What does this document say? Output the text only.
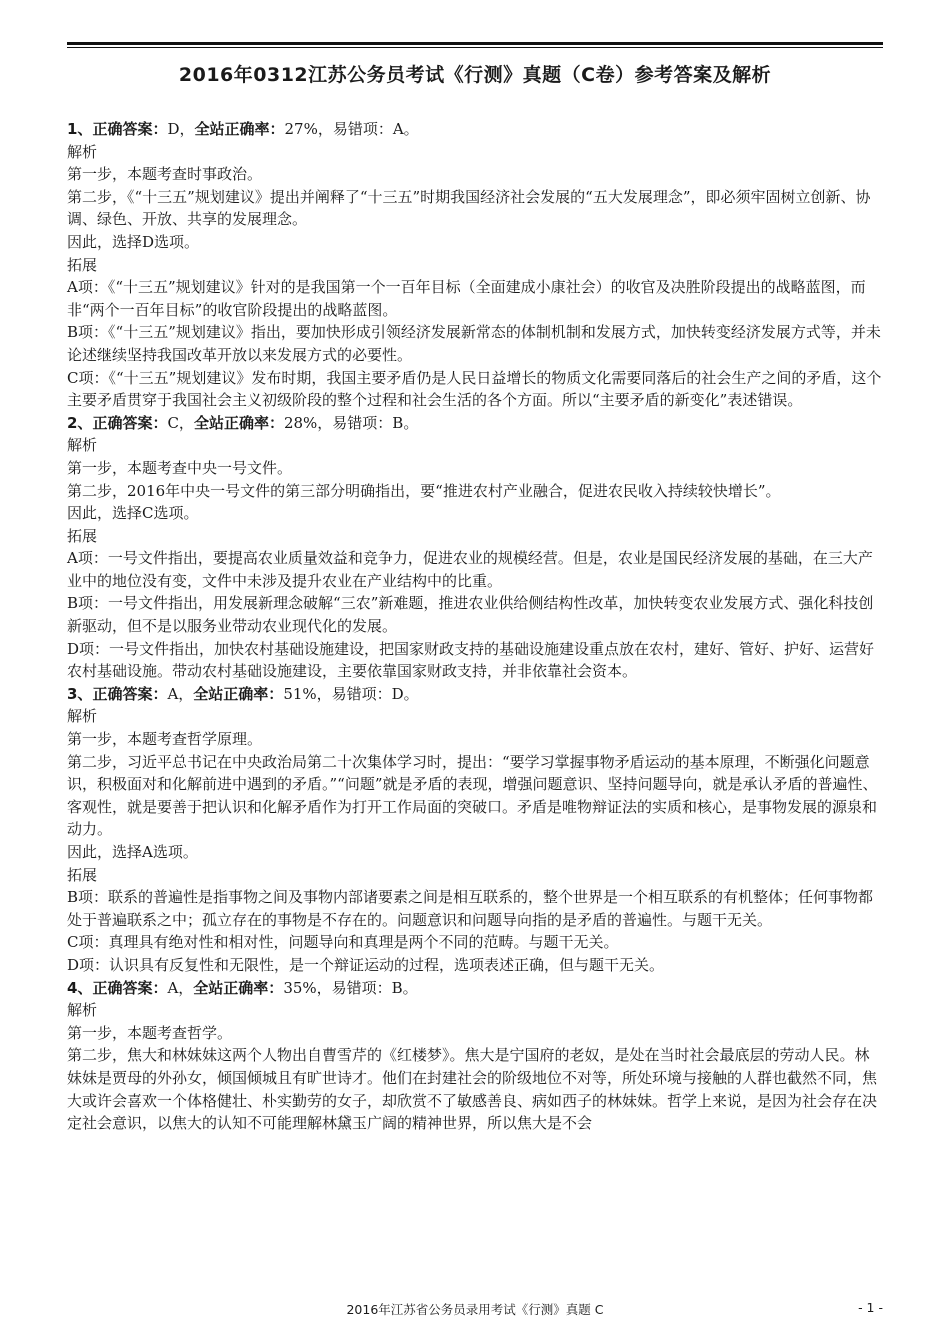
2016年0312江苏公务员考试《行测》真题（C卷）参考答案及解析

1、正确答案：D，全站正确率：27%，易错项：A。

解析

第一步，本题考查时事政治。

第二步，《“十三五”规划建议》提出并阐释了“十三五”时期我国经济社会发展的“五大发展理念”，即必须牢固树立创新、协调、绿色、开放、共享的发展理念。

因此，选择D选项。

拓展

A项：《“十三五”规划建议》针对的是我国第一个一百年目标（全面建成小康社会）的收官及决胜阶段提出的战略蓝图，而非“两个一百年目标”的收官阶段提出的战略蓝图。

B项：《“十三五”规划建议》指出，要加快形成引领经济发展新常态的体制机制和发展方式，加快转变经济发展方式等，并未论述继续坚持我国改革开放以来发展方式的必要性。

C项：《“十三五”规划建议》发布时期，我国主要矛盾仍是人民日益增长的物质文化需要同落后的社会生产之间的矛盾，这个主要矛盾贯穿于我国社会主义初级阶段的整个过程和社会生活的各个方面。所以“主要矛盾的新变化”表述错误。

2、正确答案：C，全站正确率：28%，易错项：B。

解析

第一步，本题考查中央一号文件。

第二步，2016年中央一号文件的第三部分明确指出，要“推进农村产业融合，促进农民收入持续较快增长”。

因此，选择C选项。

拓展

A项：一号文件指出，要提高农业质量效益和竞争力，促进农业的规模经营。但是，农业是国民经济发展的基础，在三大产业中的地位没有变，文件中未涉及提升农业在产业结构中的比重。

B项：一号文件指出，用发展新理念破解“三农”新难题，推进农业供给侧结构性改革，加快转变农业发展方式、强化科技创新驱动，但不是以服务业带动农业现代化的发展。

D项：一号文件指出，加快农村基础设施建设，把国家财政支持的基础设施建设重点放在农村，建好、管好、护好、运营好农村基础设施。带动农村基础设施建设，主要依靠国家财政支持，并非依靠社会资本。

3、正确答案：A，全站正确率：51%，易错项：D。

解析

第一步，本题考查哲学原理。

第二步，习近平总书记在中央政治局第二十次集体学习时，提出：“要学习掌握事物矛盾运动的基本原理，不断强化问题意识，积极面对和化解前进中遇到的矛盾。”“问题”就是矛盾的表现，增强问题意识、坚持问题导向，就是承认矛盾的普遍性、客观性，就是要善于把认识和化解矛盾作为打开工作局面的突破口。矛盾是唯物辩证法的实质和核心，是事物发展的源泉和动力。

因此，选择A选项。

拓展

B项：联系的普遍性是指事物之间及事物内部诸要素之间是相互联系的，整个世界是一个相互联系的有机整体；任何事物都处于普遍联系之中；孤立存在的事物是不存在的。问题意识和问题导向指的是矛盾的普遍性。与题干无关。

C项：真理具有绝对性和相对性，问题导向和真理是两个不同的范畴。与题干无关。

D项：认识具有反复性和无限性，是一个辩证运动的过程，选项表述正确，但与题干无关。

4、正确答案：A，全站正确率：35%，易错项：B。

解析

第一步，本题考查哲学。

第二步，焦大和林妹妹这两个人物出自曹雪芹的《红楼梦》。焦大是宁国府的老奴，是处在当时社会最底层的劳动人民。林妹妹是贾母的外孙女，倾国倾城且有旷世诗才。他们在封建社会的阶级地位不对等，所处环境与接触的人群也截然不同，焦大或许会喜欢一个体格健壮、朴实勤劳的女子，却欣赏不了敏感善良、病如西子的林妹妹。哲学上来说，是因为社会存在决定社会意识，以焦大的认知不可能理解林黛玉广阔的精神世界，所以焦大是不会

2016年江苏省公务员录用考试《行测》真题 C	- 1 -
